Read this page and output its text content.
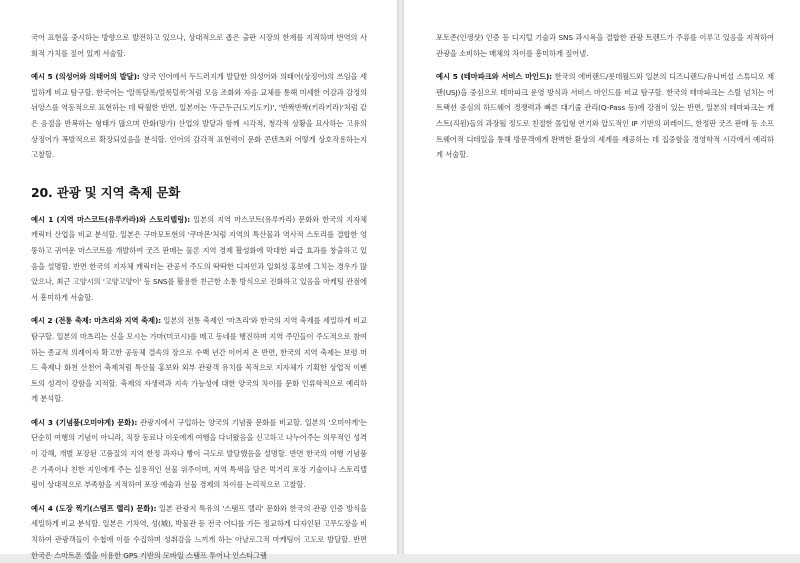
국어 표현을 중시하는 방향으로 발전하고 있으나, 상대적으로 좁은 출판 시장의 한계를 지적하며 번역의 사회적 가치를 짚어 있게 서술할.

예시 5 (의성어와 의태어의 발달): 양국 언어에서 두드러지게 발달한 의성어와 의태어(상징어)의 쓰임을 세밀하게 비교 탐구할. 한국어는 '알록달록/얼룩덜룩'처럼 모음 조화와 자음 교체를 통해 미세한 어감과 감정의 뉘앙스를 역동적으로 표현하는 데 탁월한 반면, 일본어는 '두근두근(도키도키)', '반짝반짝(키라키라)'처럼 같은 음절을 반복하는 형태가 많으며 만화(망가) 산업의 발달과 함께 시각적, 청각적 상황을 묘사하는 고유의 상징어가 폭발적으로 확장되었음을 분석할. 언어의 감각적 표현력이 문화 콘텐츠와 어떻게 상호작용하는지 고찰할.

20. 관광 및 지역 축제 문화

예시 1 (지역 마스코트(유루카라)와 스토리텔링): 일본의 지역 마스코트(유루카라) 문화와 한국의 지자체 캐릭터 산업을 비교 분석할. 일본은 구마모토현의 '쿠마몬'처럼 지역의 특산물과 역사적 스토리를 결합한 엉뚱하고 귀여운 마스코트를 개발하여 굿즈 판매는 물론 지역 경제 활성화에 막대한 파급 효과를 창출하고 있음을 설명할. 반면 한국의 지자체 캐릭터는 관공서 주도의 딱딱한 디자인과 일회성 홍보에 그치는 경우가 많았으나, 최근 고양시의 '고양고양이' 등 SNS를 활용한 친근한 소통 방식으로 진화하고 있음을 마케팅 관점에서 흥미하게 서술할.

예시 2 (전통 축제: 마츠리와 지역 축제): 일본의 전통 축제인 '마츠리'와 한국의 지역 축제를 세밀하게 비교 탐구할. 일본의 마츠리는 신을 모시는 가마(미코시)를 메고 동네를 행진하며 지역 주민들이 주도적으로 참여하는 종교적 의례이자 확고한 공동체 결속의 장으로 수백 년간 이어져 온 반면, 한국의 지역 축제는 보령 머드 축제나 화천 산천어 축제처럼 특산물 홍보와 외부 관광객 유치를 목적으로 지자체가 기획한 상업적 이벤트의 성격이 강함을 지적할. 축제의 자생력과 지속 가능성에 대한 양국의 차이를 문화 인류학적으로 예리하게 분석할.

예시 3 (기념품(오미야게) 문화): 관광지에서 구입하는 양국의 기념품 문화를 비교할. 일본의 '오미야게'는 단순히 여행의 기념이 아니라, 직장 동료나 이웃에게 여행을 다녀왔음을 신고하고 나누어주는 의무적인 성격이 강해, 개별 포장된 고품질의 지역 한정 과자나 빵이 극도로 발달했음을 설명할. 반면 한국의 여행 기념품은 가족이나 친한 지인에게 주는 실용적인 선물 위주이며, 지역 특색을 담은 먹거리 포장 기술이나 스토리텔링이 상대적으로 부족함을 지적하여 포장 예술과 선물 경제의 차이를 논리적으로 고찰할.

예시 4 (도장 찍기(스탬프 랠리) 문화): 일본 관광지 특유의 '스탬프 랠리' 문화와 한국의 관광 인증 방식을 세밀하게 비교 분석할. 일본은 기차역, 성(城), 박물관 등 전국 어디를 가든 정교하게 디자인된 고무도장을 비치하여 관광객들이 수첩에 이를 수집하며 성취감을 느끼게 하는 아날로그적 마케팅이 고도로 발달할. 반면 한국은 스마트폰 앱을 이용한 GPS 기반의 모바일 스탬프 투어나 인스타그램

포토존(인생샷) 인증 등 디지털 기술과 SNS 과시욕을 결합한 관광 트렌드가 주류를 이루고 있음을 지적하여 관광을 소비하는 매체의 차이를 흥미하게 짚어낼.

예시 5 (테마파크와 서비스 마인드): 한국의 에버랜드/롯데월드와 일본의 디즈니랜드/유니버설 스튜디오 재팬(USJ)을 중심으로 테마파크 운영 방식과 서비스 마인드를 비교 탐구할. 한국의 테마파크는 스릴 넘치는 어트랙션 중심의 하드웨어 경쟁력과 빠른 대기줄 관리(Q-Pass 등)에 강점이 있는 반면, 일본의 테마파크는 캐스트(직원)들의 과장될 정도로 친절한 몰입형 연기와 압도적인 IP 기반의 퍼레이드, 한정판 굿즈 판매 등 소프트웨어적 디테일을 통해 방문객에게 완벽한 환상의 세계를 제공하는 데 집중함을 경영학적 시각에서 예리하게 서술할.
